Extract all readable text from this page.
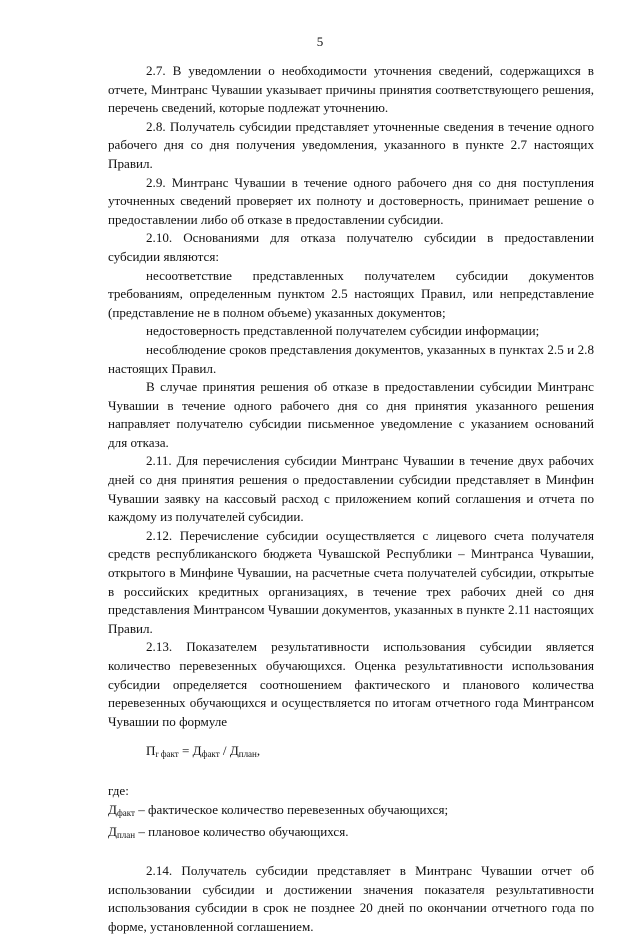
5

2.7. В уведомлении о необходимости уточнения сведений, содержащихся в отчете, Минтранс Чувашии указывает причины принятия соответствующего решения, перечень сведений, которые подлежат уточнению.

2.8. Получатель субсидии представляет уточненные сведения в течение одного рабочего дня со дня получения уведомления, указанного в пункте 2.7 настоящих Правил.

2.9. Минтранс Чувашии в течение одного рабочего дня со дня поступления уточненных сведений проверяет их полноту и достоверность, принимает решение о предоставлении либо об отказе в предоставлении субсидии.

2.10. Основаниями для отказа получателю субсидии в предоставлении субсидии являются:

несоответствие представленных получателем субсидии документов требованиям, определенным пунктом 2.5 настоящих Правил, или непредставление (представление не в полном объеме) указанных документов;

недостоверность представленной получателем субсидии информации;

несоблюдение сроков представления документов, указанных в пунктах 2.5 и 2.8 настоящих Правил.

В случае принятия решения об отказе в предоставлении субсидии Минтранс Чувашии в течение одного рабочего дня со дня принятия указанного решения направляет получателю субсидии письменное уведомление с указанием оснований для отказа.

2.11. Для перечисления субсидии Минтранс Чувашии в течение двух рабочих дней со дня принятия решения о предоставлении субсидии представляет в Минфин Чувашии заявку на кассовый расход с приложением копий соглашения и отчета по каждому из получателей субсидии.

2.12. Перечисление субсидии осуществляется с лицевого счета получателя средств республиканского бюджета Чувашской Республики – Минтранса Чувашии, открытого в Минфине Чувашии, на расчетные счета получателей субсидии, открытые в российских кредитных организациях, в течение трех рабочих дней со дня представления Минтрансом Чувашии документов, указанных в пункте 2.11 настоящих Правил.

2.13. Показателем результативности использования субсидии является количество перевезенных обучающихся. Оценка результативности использования субсидии определяется соотношением фактического и планового количества перевезенных обучающихся и осуществляется по итогам отчетного года Минтрансом Чувашии по формуле

$П_{r факт} = Д_{факт} / Д_{план}$,

где:

$Д_{факт}$ – фактическое количество перевезенных обучающихся;

$Д_{план}$ – плановое количество обучающихся.

2.14. Получатель субсидии представляет в Минтранс Чувашии отчет об использовании субсидии и достижении значения показателя результативности использования субсидии в срок не позднее 20 дней по окончании отчетного года по форме, установленной соглашением.
